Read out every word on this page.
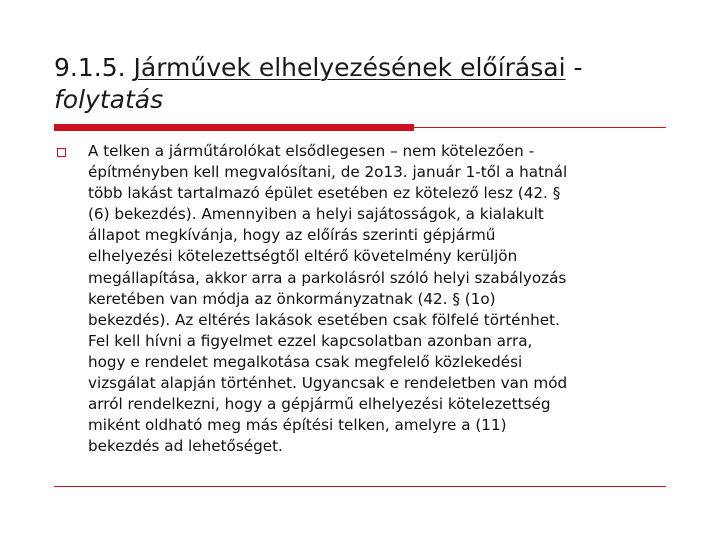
9.1.5. Járművek elhelyezésének előírásai -
folytatás
A telken a járműtárolókat elsődlegesen – nem kötelezően -
építményben kell megvalósítani, de 2o13. január 1-től a hatnál
több lakást tartalmazó épület esetében ez kötelező lesz (42. §
(6) bekezdés). Amennyiben a helyi sajátosságok, a kialakult
állapot megkívánja, hogy az előírás szerinti gépjármű
elhelyezési kötelezettségtől eltérő követelmény kerüljön
megállapítása, akkor arra a parkolásról szóló helyi szabályozás
keretében van módja az önkormányzatnak (42. § (1o)
bekezdés). Az eltérés lakások esetében csak fölfelé történhet.
Fel kell hívni a figyelmet ezzel kapcsolatban azonban arra,
hogy e rendelet megalkotása csak megfelelő közlekedési
vizsgálat alapján történhet. Ugyancsak e rendeletben van mód
arról rendelkezni, hogy a gépjármű elhelyezési kötelezettség
miként oldható meg más építési telken, amelyre a (11)
bekezdés ad lehetőséget.
